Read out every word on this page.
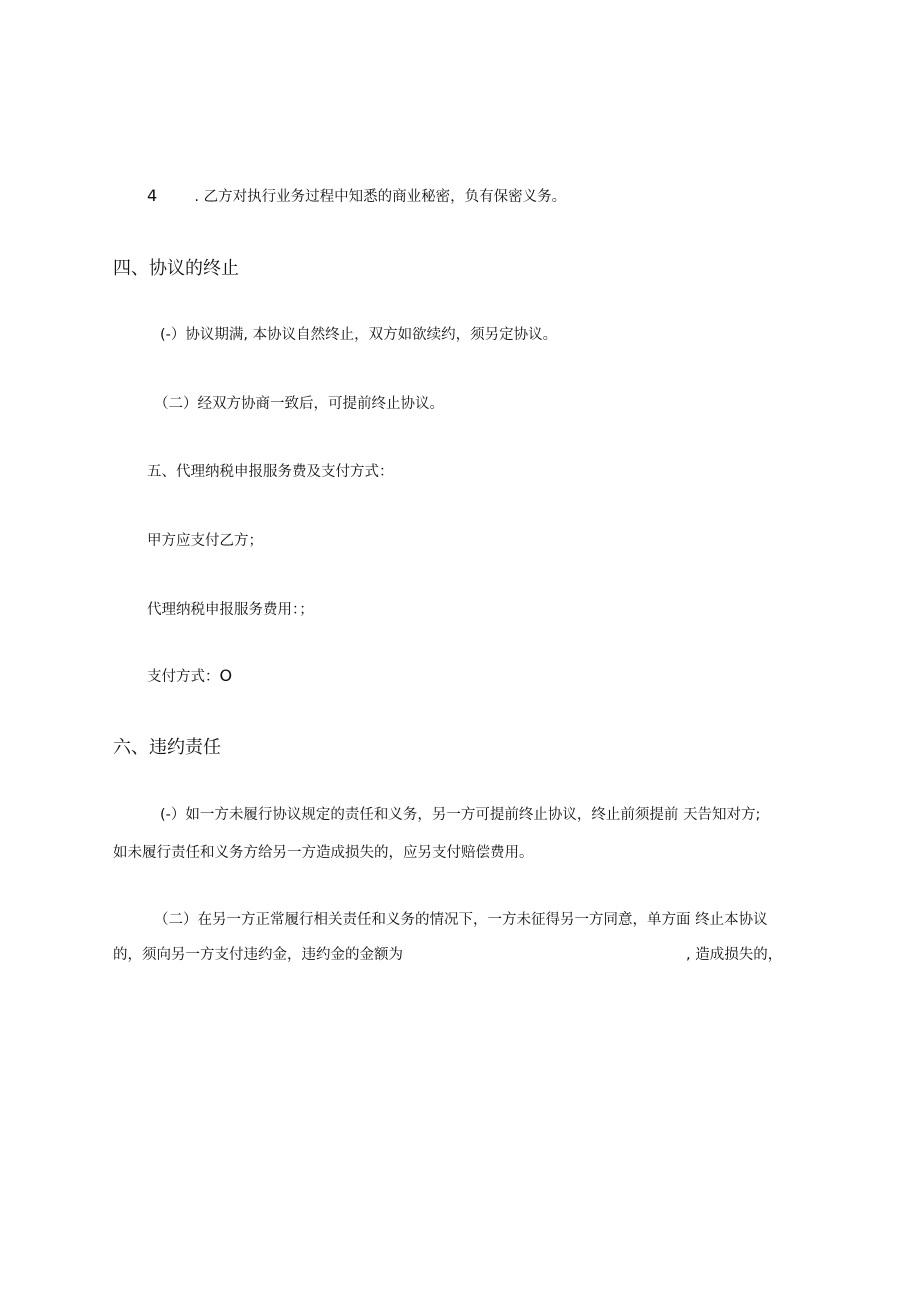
4	. 乙方对执行业务过程中知悉的商业秘密，负有保密义务。
四、协议的终止
(-）协议期满, 本协议自然终止，双方如欲续约，须另定协议。
（二）经双方协商一致后，可提前终止协议。
五、代理纳税申报服务费及支付方式：
甲方应支付乙方；
代理纳税申报服务费用：；
支付方式：O
六、违约责任
(-）如一方未履行协议规定的责任和义务，另一方可提前终止协议，终止前须提前 天告知对方;
如未履行责任和义务方给另一方造成损失的，应另支付赔偿费用。
（二）在另一方正常履行相关责任和义务的情况下，一方未征得另一方同意，单方面 终止本协议
的，须向另一方支付违约金，违约金的金额为	, 造成损失的，
